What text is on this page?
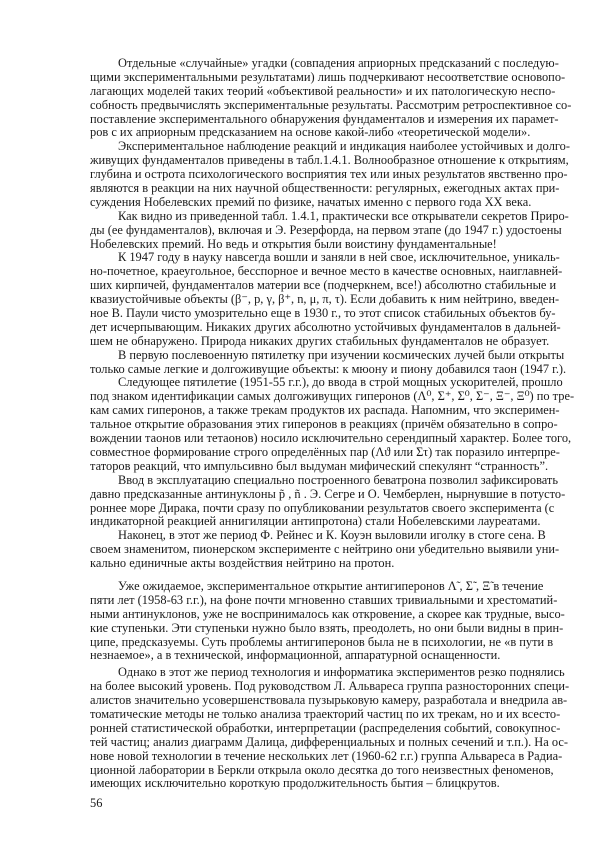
Отдельные «случайные» угадки (совпадения априорных предсказаний с последую-
щими экспериментальными результатами) лишь подчеркивают несоответствие основопо-
лагающих моделей таких теорий «объективой реальности» и их патологическую неспо-
собность предвычислять экспериментальные результаты. Рассмотрим ретроспективное со-
поставление экспериментального обнаружения фундаменталов и измерения их парамет-
ров с их априорным предсказанием на основе какой-либо «теоретической модели».
Экспериментальное наблюдение реакций и индикация наиболее устойчивых и долго-
живущих фундаменталов приведены в табл.1.4.1. Волнообразное отношение к открытиям,
глубина и острота психологического восприятия тех или иных результатов явственно про-
являются в реакции на них научной общественности: регулярных, ежегодных актах при-
суждения Нобелевских премий по физике, начатых именно с первого года XX века.
Как видно из приведенной табл. 1.4.1, практически все открыватели секретов Приро-
ды (ее фундаменталов), включая и Э. Резерфорда, на первом этапе (до 1947 г.) удостоены
Нобелевских премий. Но ведь и открытия были воистину фундаментальные!
К 1947 году в науку навсегда вошли и заняли в ней свое, исключительное, уникаль-
но-почетное, краеугольное, бесспорное и вечное место в качестве основных, наиглавней-
ших кирпичей, фундаменталов материи все (подчеркнем, все!) абсолютно стабильные и
квазиустойчивые объекты (β⁻, p, γ, β⁺, n, μ, π, τ). Если добавить к ним нейтрино, введен-
ное В. Паули чисто умозрительно еще в 1930 г., то этот список стабильных объектов бу-
дет исчерпывающим. Никаких других абсолютно устойчивых фундаменталов в дальней-
шем не обнаружено. Природа никаких других стабильных фундаменталов не образует.
В первую послевоенную пятилетку при изучении космических лучей были открыты
только самые легкие и долгоживущие объекты: к мюону и пиону добавился таон (1947 г.).
Следующее пятилетие (1951-55 г.г.), до ввода в строй мощных ускорителей, прошло
под знаком идентификации самых долгоживущих гиперонов (Λ⁰, Σ⁺, Σ⁰, Σ⁻, Ξ⁻, Ξ⁰) по тре-
кам самих гиперонов, а также трекам продуктов их распада. Напомним, что эксперимен-
тальное открытие образования этих гиперонов в реакциях (причём обязательно в сопро-
вождении таонов или тетаонов) носило исключительно серендипный характер. Более того,
совместное формирование строго определённых пар (Λϑ или Στ) так поразило интерпре-
таторов реакций, что импульсивно был выдуман мифический спекулянт “странность”.
Ввод в эксплуатацию специально построенного беватрона позволил зафиксировать
давно предсказанные антинуклоны p̃ , ñ . Э. Сегре и О. Чемберлен, нырнувшие в потусто-
роннее море Дирака, почти сразу по опубликовании результатов своего эксперимента (с
индикаторной реакцией аннигиляции антипротона) стали Нобелевскими лауреатами.
Наконец, в этот же период Ф. Рейнес и К. Коуэн выловили иголку в стоге сена. В
своем знаменитом, пионерском эксперименте с нейтрино они убедительно выявили уни-
кально единичные акты воздействия нейтрино на протон.
Уже ожидаемое, экспериментальное открытие антигиперонов Λ̃ , Σ̃ , Ξ̃ в течение
пяти лет (1958-63 г.г.), на фоне почти мгновенно ставших тривиальными и хрестоматий-
ными антинуклонов, уже не воспринималось как откровение, а скорее как трудные, высо-
кие ступеньки. Эти ступеньки нужно было взять, преодолеть, но они были видны в прин-
ципе, предсказуемы. Суть проблемы антигиперонов была не в психологии, не «в пути в
незнаемое», а в технической, информационной, аппаратурной оснащенности.
Однако в этот же период технология и информатика экспериментов резко поднялись
на более высокий уровень. Под руководством Л. Альвареса группа разносторонних специ-
алистов значительно усовершенствовала пузырьковую камеру, разработала и внедрила ав-
томатические методы не только анализа траекторий частиц по их трекам, но и их всесто-
ронней статистической обработки, интерпретации (распределения событий, совокупнос-
тей частиц; анализ диаграмм Далица, дифференциальных и полных сечений и т.п.). На ос-
нове новой технологии в течение нескольких лет (1960-62 г.г.) группа Альвареса в Радиа-
ционной лаборатории в Беркли открыла около десятка до того неизвестных феноменов,
имеющих исключительно короткую продолжительность бытия – блицкрутов.
56
